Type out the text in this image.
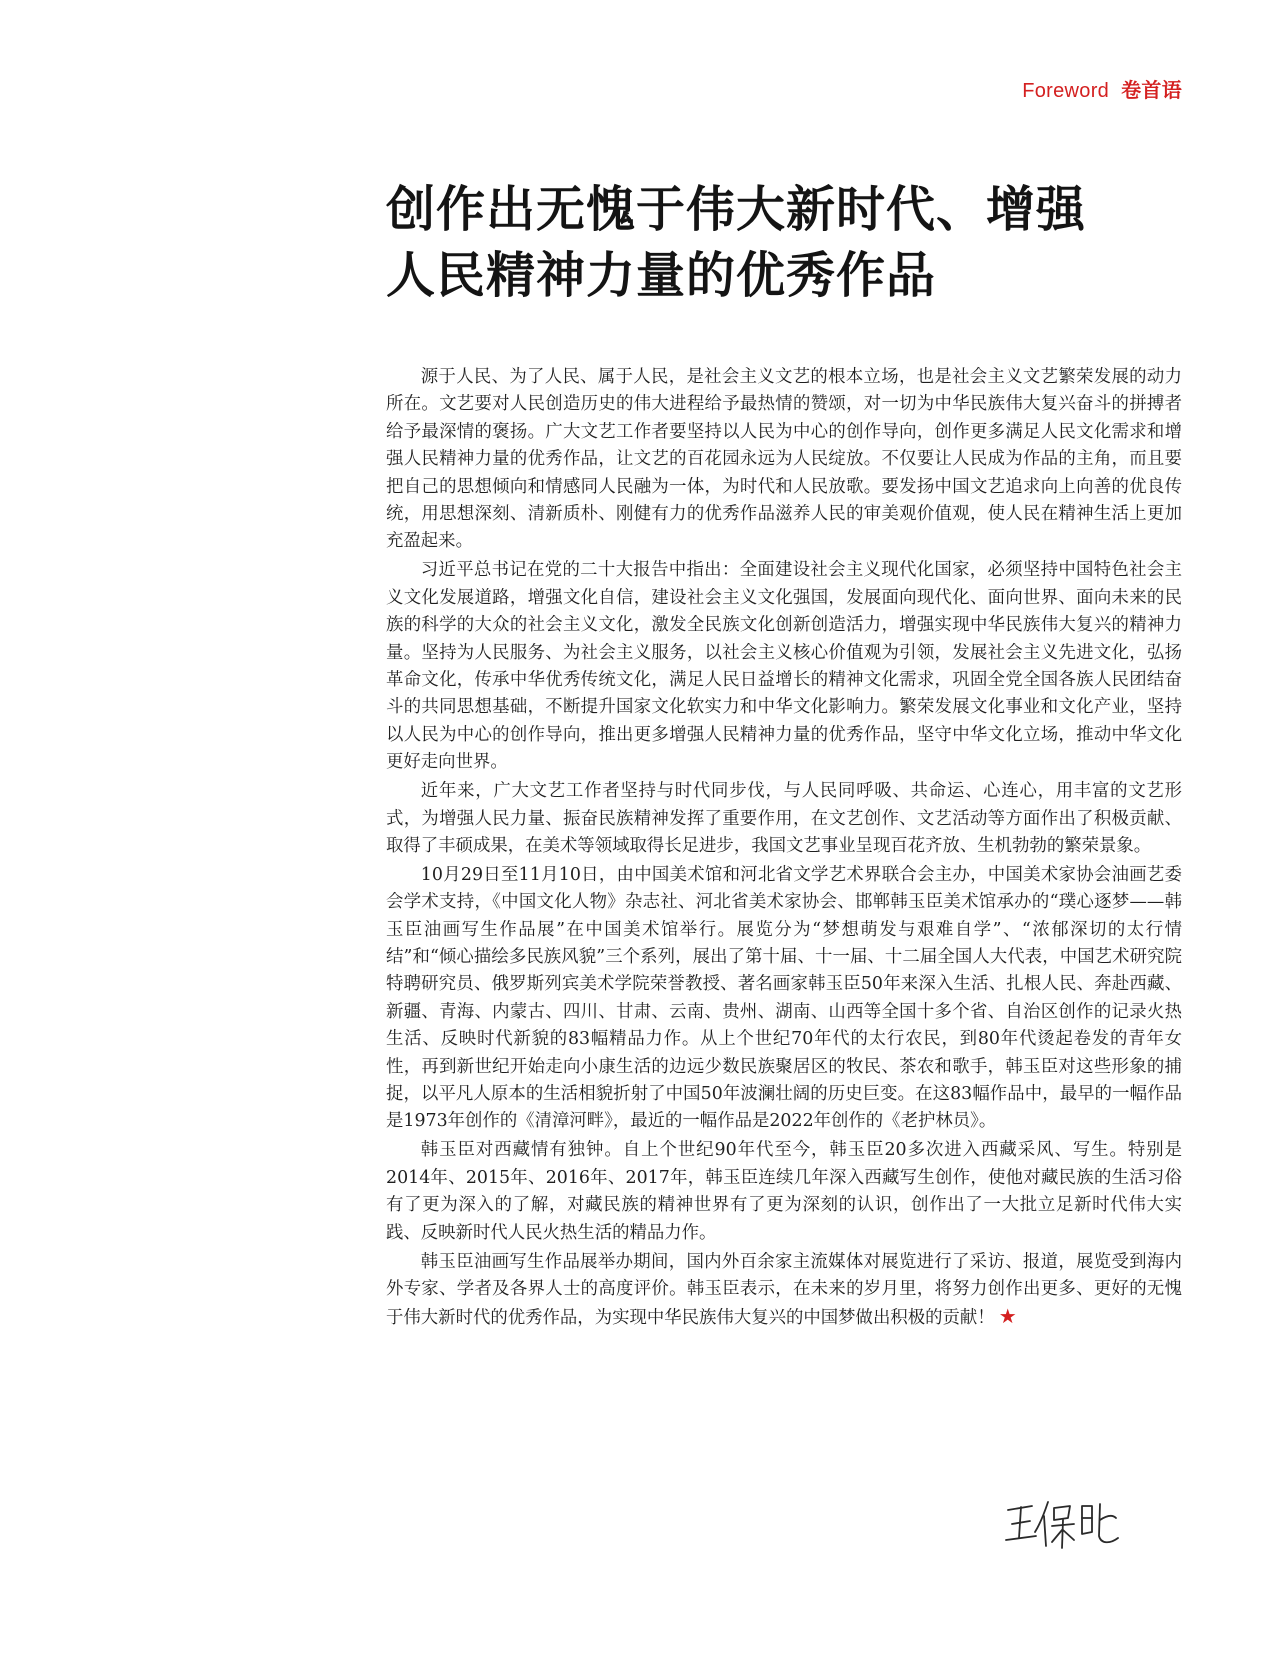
Foreword 卷首语
创作出无愧于伟大新时代、增强
人民精神力量的优秀作品

源于人民、为了人民、属于人民，是社会主义文艺的根本立场，也是社会主义文艺繁荣发展的动力所在。文艺要对人民创造历史的伟大进程给予最热情的赞颂，对一切为中华民族伟大复兴奋斗的拼搏者给予最深情的褒扬。广大文艺工作者要坚持以人民为中心的创作导向，创作更多满足人民文化需求和增强人民精神力量的优秀作品，让文艺的百花园永远为人民绽放。不仅要让人民成为作品的主角，而且要把自己的思想倾向和情感同人民融为一体，为时代和人民放歌。要发扬中国文艺追求向上向善的优良传统，用思想深刻、清新质朴、刚健有力的优秀作品滋养人民的审美观价值观，使人民在精神生活上更加充盈起来。

习近平总书记在党的二十大报告中指出：全面建设社会主义现代化国家，必须坚持中国特色社会主义文化发展道路，增强文化自信，建设社会主义文化强国，发展面向现代化、面向世界、面向未来的民族的科学的大众的社会主义文化，激发全民族文化创新创造活力，增强实现中华民族伟大复兴的精神力量。坚持为人民服务、为社会主义服务，以社会主义核心价值观为引领，发展社会主义先进文化，弘扬革命文化，传承中华优秀传统文化，满足人民日益增长的精神文化需求，巩固全党全国各族人民团结奋斗的共同思想基础，不断提升国家文化软实力和中华文化影响力。繁荣发展文化事业和文化产业，坚持以人民为中心的创作导向，推出更多增强人民精神力量的优秀作品，坚守中华文化立场，推动中华文化更好走向世界。

近年来，广大文艺工作者坚持与时代同步伐，与人民同呼吸、共命运、心连心，用丰富的文艺形式，为增强人民力量、振奋民族精神发挥了重要作用，在文艺创作、文艺活动等方面作出了积极贡献、取得了丰硕成果，在美术等领域取得长足进步，我国文艺事业呈现百花齐放、生机勃勃的繁荣景象。

10月29日至11月10日，由中国美术馆和河北省文学艺术界联合会主办，中国美术家协会油画艺委会学术支持，《中国文化人物》杂志社、河北省美术家协会、邯郸韩玉臣美术馆承办的“璞心逐梦——韩玉臣油画写生作品展”在中国美术馆举行。展览分为“梦想萌发与艰难自学”、“浓郁深切的太行情结”和“倾心描绘多民族风貌”三个系列，展出了第十届、十一届、十二届全国人大代表，中国艺术研究院特聘研究员、俄罗斯列宾美术学院荣誉教授、著名画家韩玉臣50年来深入生活、扎根人民、奔赴西藏、新疆、青海、内蒙古、四川、甘肃、云南、贵州、湖南、山西等全国十多个省、自治区创作的记录火热生活、反映时代新貌的83幅精品力作。从上个世纪70年代的太行农民，到80年代烫起卷发的青年女性，再到新世纪开始走向小康生活的边远少数民族聚居区的牧民、茶农和歌手，韩玉臣对这些形象的捕捉，以平凡人原本的生活相貌折射了中国50年波澜壮阔的历史巨变。在这83幅作品中，最早的一幅作品是1973年创作的《清漳河畔》，最近的一幅作品是2022年创作的《老护林员》。

韩玉臣对西藏情有独钟。自上个世纪90年代至今，韩玉臣20多次进入西藏采风、写生。特别是2014年、2015年、2016年、2017年，韩玉臣连续几年深入西藏写生创作，使他对藏民族的生活习俗有了更为深入的了解，对藏民族的精神世界有了更为深刻的认识，创作出了一大批立足新时代伟大实践、反映新时代人民火热生活的精品力作。

韩玉臣油画写生作品展举办期间，国内外百余家主流媒体对展览进行了采访、报道，展览受到海内外专家、学者及各界人士的高度评价。韩玉臣表示，在未来的岁月里，将努力创作出更多、更好的无愧于伟大新时代的优秀作品，为实现中华民族伟大复兴的中国梦做出积极的贡献！ ★
